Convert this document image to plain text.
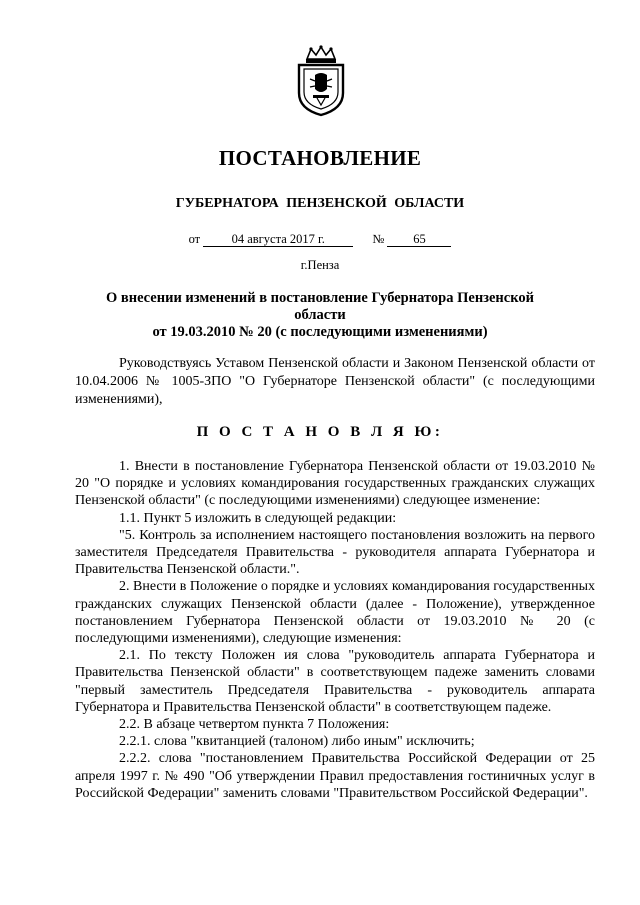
ПОСТАНОВЛЕНИЕ
ГУБЕРНАТОРА ПЕНЗЕНСКОЙ ОБЛАСТИ
от	04 августа 2017 г.	№ 65
г.Пенза
О внесении изменений в постановление Губернатора Пензенской области
от 19.03.2010 № 20 (с последующими изменениями)

Руководствуясь Уставом Пензенской области и Законом Пензенской области от 10.04.2006 № 1005-ЗПО "О Губернаторе Пензенской области" (с последующими изменениями),

П О С Т А Н О В Л Я Ю:

1. Внести в постановление Губернатора Пензенской области от 19.03.2010 № 20 "О порядке и условиях командирования государственных гражданских служащих Пензенской области" (с последующими изменениями) следующее изменение:

1.1. Пункт 5 изложить в следующей редакции:

"5. Контроль за исполнением настоящего постановления возложить на первого заместителя Председателя Правительства - руководителя аппарата Губернатора и Правительства Пензенской области.".

2. Внести в Положение о порядке и условиях командирования государственных гражданских служащих Пензенской области (далее - Положение), утвержденное постановлением Губернатора Пензенской области от 19.03.2010 № 20 (с последующими изменениями), следующие изменения:

2.1. По тексту Положен ия слова "руководитель аппарата Губернатора и Правительства Пензенской области" в соответствующем падеже заменить словами "первый заместитель Председателя Правительства - руководитель аппарата Губернатора и Правительства Пензенской области" в соответствующем падеже.

2.2. В абзаце четвертом пункта 7 Положения:

2.2.1. слова "квитанцией (талоном) либо иным" исключить;

2.2.2. слова "постановлением Правительства Российской Федерации от 25 апреля 1997 г. № 490 "Об утверждении Правил предоставления гостиничных услуг в Российской Федерации" заменить словами "Правительством Российской Федерации".
